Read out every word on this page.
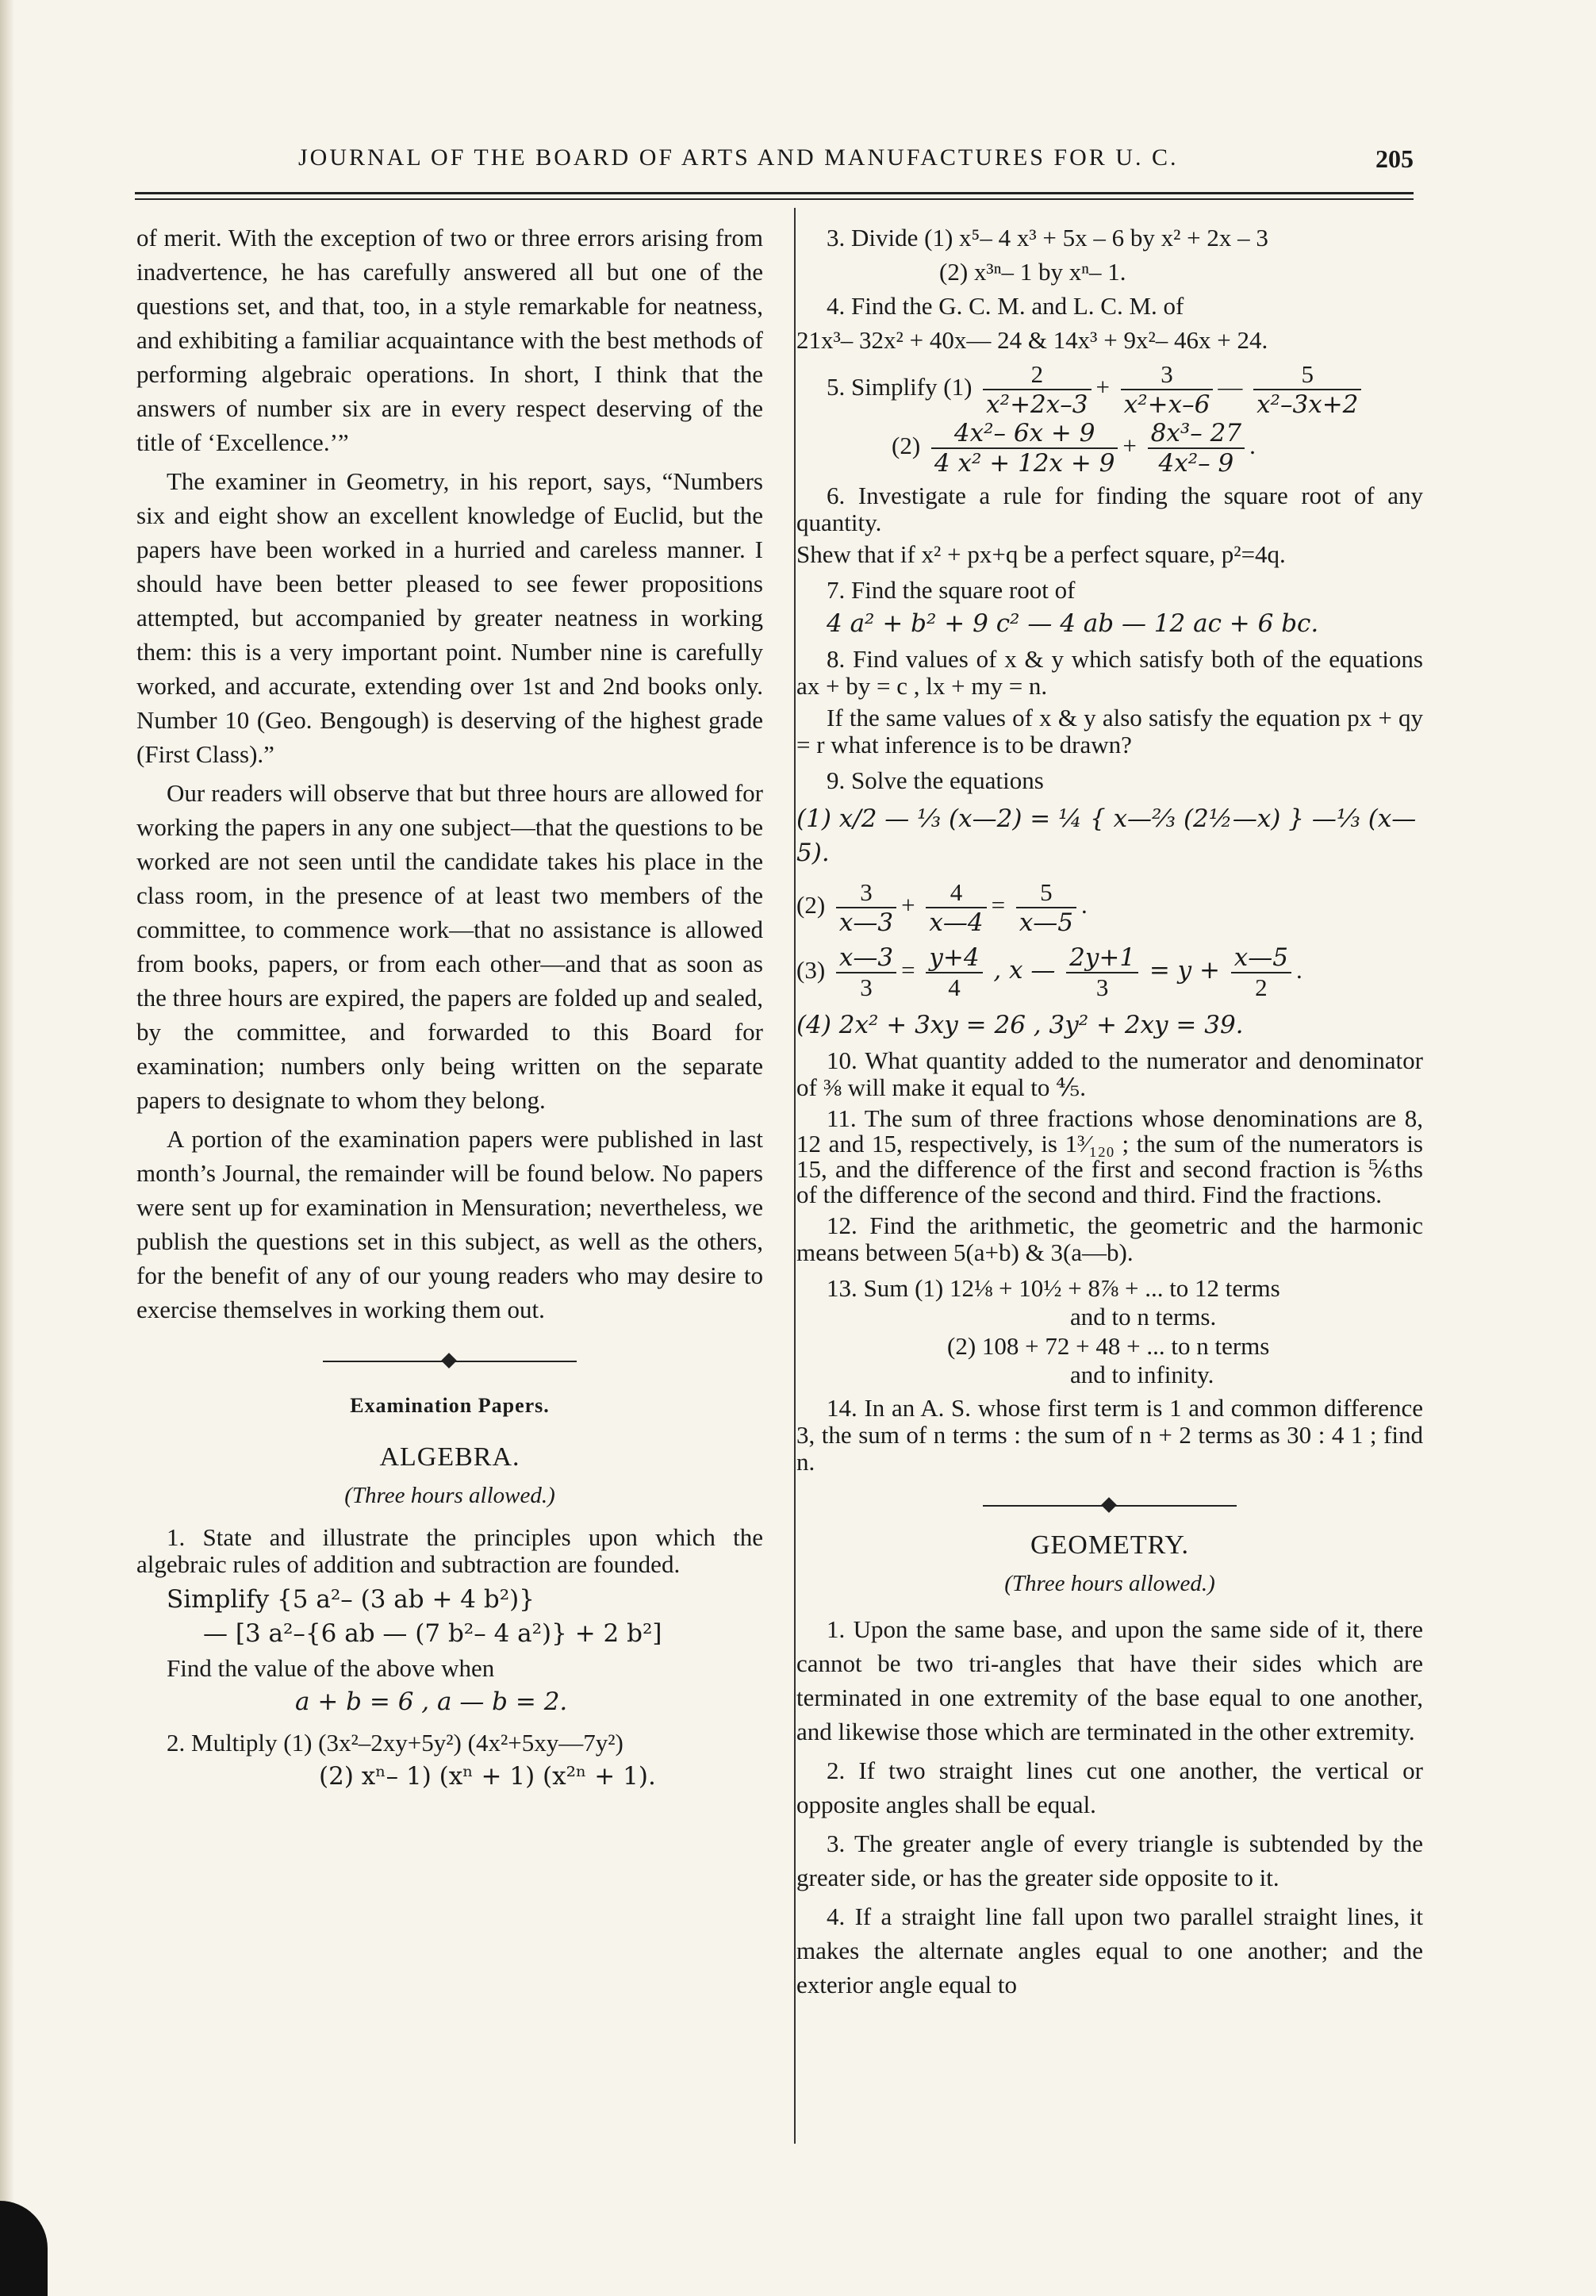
JOURNAL OF THE BOARD OF ARTS AND MANUFACTURES FOR U. C.	205

of merit. With the exception of two or three errors arising from inadvertence, he has carefully answered all but one of the questions set, and that, too, in a style remarkable for neatness, and exhibiting a familiar acquaintance with the best methods of performing algebraic operations. In short, I think that the answers of number six are in every respect deserving of the title of ‘Excellence.’”

The examiner in Geometry, in his report, says, “Numbers six and eight show an excellent knowledge of Euclid, but the papers have been worked in a hurried and careless manner. I should have been better pleased to see fewer propositions attempted, but accompanied by greater neatness in working them: this is a very important point. Number nine is carefully worked, and accurate, extending over 1st and 2nd books only. Number 10 (Geo. Bengough) is deserving of the highest grade (First Class).”

Our readers will observe that but three hours are allowed for working the papers in any one subject—that the questions to be worked are not seen until the candidate takes his place in the class room, in the presence of at least two members of the committee, to commence work—that no assistance is allowed from books, papers, or from each other—and that as soon as the three hours are expired, the papers are folded up and sealed, by the committee, and forwarded to this Board for examination; numbers only being written on the separate papers to designate to whom they belong.

A portion of the examination papers were published in last month’s Journal, the remainder will be found below. No papers were sent up for examination in Mensuration; nevertheless, we publish the questions set in this subject, as well as the others, for the benefit of any of our young readers who may desire to exercise themselves in working them out.

Examination Papers.
ALGEBRA.
(Three hours allowed.)

1. State and illustrate the principles upon which the algebraic rules of addition and subtraction are founded.

Simplify {5 a²– (3 ab + 4 b²)}
— [3 a²–{6 ab — (7 b²– 4 a²)} + 2 b²]
Find the value of the above when
a + b = 6 , a — b = 2.
2. Multiply (1) (3x²–2xy+5y²) (4x²+5xy—7y²)
(2) xⁿ– 1) (xⁿ + 1) (x²ⁿ + 1).
3. Divide (1) x⁵– 4 x³ + 5x – 6 by x² + 2x – 3
(2) x³ⁿ– 1 by xⁿ– 1.
4. Find the G. C. M. and L. C. M. of
21x³– 32x² + 40x— 24 & 14x³ + 9x²– 46x + 24.
5. Simplify $(1) \frac{2}{\text{x²+2x–3}} + \frac{3}{\text{x²+x–6}}$ — $\frac{5}{\text{x²–3x+2}}$
$(2) \frac{\text{4x²– 6x + 9}}{\text{4 x² + 12x + 9}} + \frac{\text{8x³– 27}}{\text{4x²– 9}}$ .

6. Investigate a rule for finding the square root of any quantity.

Shew that if x² + px+q be a perfect square, p²=4q.

7. Find the square root of
4 a² + b² + 9 c² — 4 ab — 12 ac + 6 bc.

8. Find values of x & y which satisfy both of the equations ax + by = c , lx + my = n.

If the same values of x & y also satisfy the equation px + qy = r what inference is to be drawn?

9. Solve the equations
(1) x/2 — ⅓ (x—2) = ¼ { x—⅔ (2½—x) } —⅓ (x—5).
$(2) \frac{3}{x—3} + \frac{4}{x—4} = \frac{5}{x—5}$ .
$(3) \frac{x—3}{3} = \frac{y+4}{4}$ , x — $\frac{2y+1}{3} = y + \frac{x—5}{2}$ .
(4) 2x² + 3xy = 26 , 3y² + 2xy = 39.

10. What quantity added to the numerator and denominator of ⅜ will make it equal to ⅘.

11. The sum of three fractions whose denominations are 8, 12 and 15, respectively, is 1³⁄₁₂₀ ; the sum of the numerators is 15, and the difference of the first and second fraction is ⅚ths of the difference of the second and third. Find the fractions.

12. Find the arithmetic, the geometric and the harmonic means between 5(a+b) & 3(a—b).

13. Sum (1) 12⅛ + 10½ + 8⅞ + ... to 12 terms
and to n terms.
(2) 108 + 72 + 48 + ... to n terms
and to infinity.

14. In an A. S. whose first term is 1 and common difference 3, the sum of n terms : the sum of n + 2 terms as 30 : 4 1 ; find n.

GEOMETRY.
(Three hours allowed.)

1. Upon the same base, and upon the same side of it, there cannot be two tri-angles that have their sides which are terminated in one extremity of the base equal to one another, and likewise those which are terminated in the other extremity.

2. If two straight lines cut one another, the vertical or opposite angles shall be equal.

3. The greater angle of every triangle is subtended by the greater side, or has the greater side opposite to it.

4. If a straight line fall upon two parallel straight lines, it makes the alternate angles equal to one another; and the exterior angle equal to
